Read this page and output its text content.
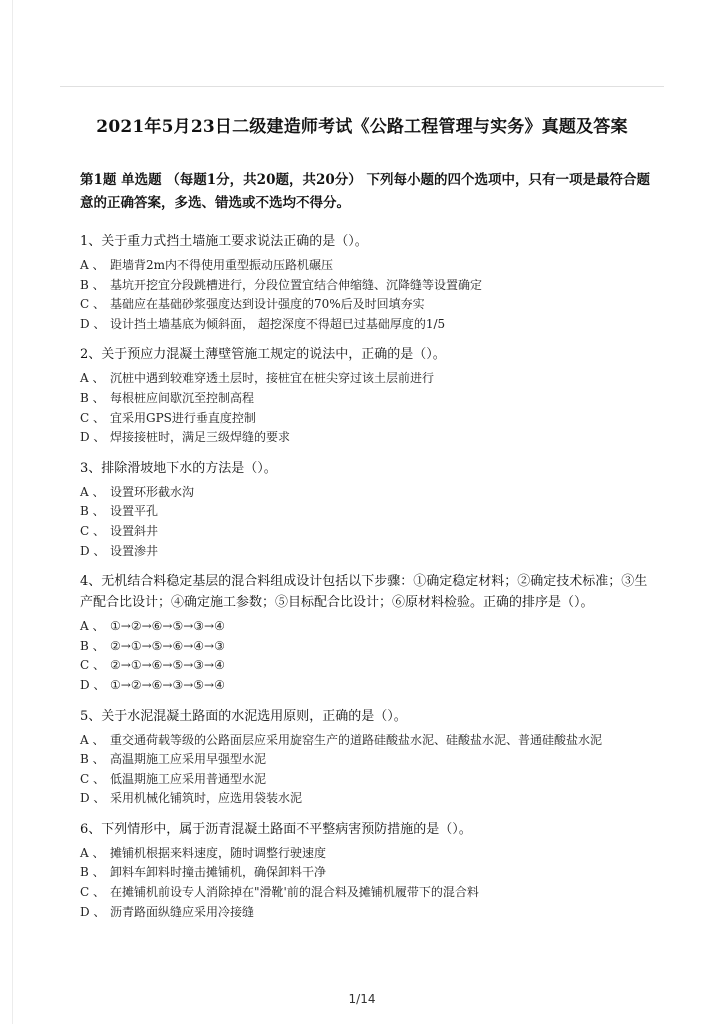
2021年5月23日二级建造师考试《公路工程管理与实务》真题及答案
第1题 单选题 （每题1分，共20题，共20分） 下列每小题的四个选项中，只有一项是最符合题意的正确答案，多选、错选或不选均不得分。
1、关于重力式挡土墙施工要求说法正确的是（）。
A 、 距墙背2m内不得使用重型振动压路机碾压
B 、 基坑开挖宜分段跳槽进行，分段位置宜结合伸缩缝、沉降缝等设置确定
C 、 基础应在基础砂浆强度达到设计强度的70%后及时回填夯实
D 、 设计挡土墙基底为倾斜面， 超挖深度不得超已过基础厚度的1/5
2、关于预应力混凝土薄壁管施工规定的说法中，正确的是（）。
A 、 沉桩中遇到较难穿透土层时，接桩宜在桩尖穿过该土层前进行
B 、 每根桩应间歇沉至控制高程
C 、 宜采用GPS进行垂直度控制
D 、 焊接接桩时，满足三级焊缝的要求
3、排除滑坡地下水的方法是（）。
A 、 设置环形截水沟
B 、 设置平孔
C 、 设置斜井
D 、 设置渗井
4、无机结合料稳定基层的混合料组成设计包括以下步骤：①确定稳定材料；②确定技术标准；③生产配合比设计；④确定施工参数；⑤目标配合比设计；⑥原材料检验。正确的排序是（）。
A 、 ①→②→⑥→⑤→③→④
B 、 ②→①→⑤→⑥→④→③
C 、 ②→①→⑥→⑤→③→④
D 、 ①→②→⑥→③→⑤→④
5、关于水泥混凝土路面的水泥选用原则，正确的是（）。
A 、 重交通荷载等级的公路面层应采用旋窑生产的道路硅酸盐水泥、硅酸盐水泥、普通硅酸盐水泥
B 、 高温期施工应采用早强型水泥
C 、 低温期施工应采用普通型水泥
D 、 采用机械化铺筑时，应选用袋装水泥
6、下列情形中，属于沥青混凝土路面不平整病害预防措施的是（）。
A 、 摊铺机根据来料速度，随时调整行驶速度
B 、 卸料车卸料时撞击摊铺机，确保卸料干净
C 、 在摊铺机前设专人消除掉在"滑靴'前的混合料及摊铺机履带下的混合料
D 、 沥青路面纵缝应采用冷接缝
1/14
